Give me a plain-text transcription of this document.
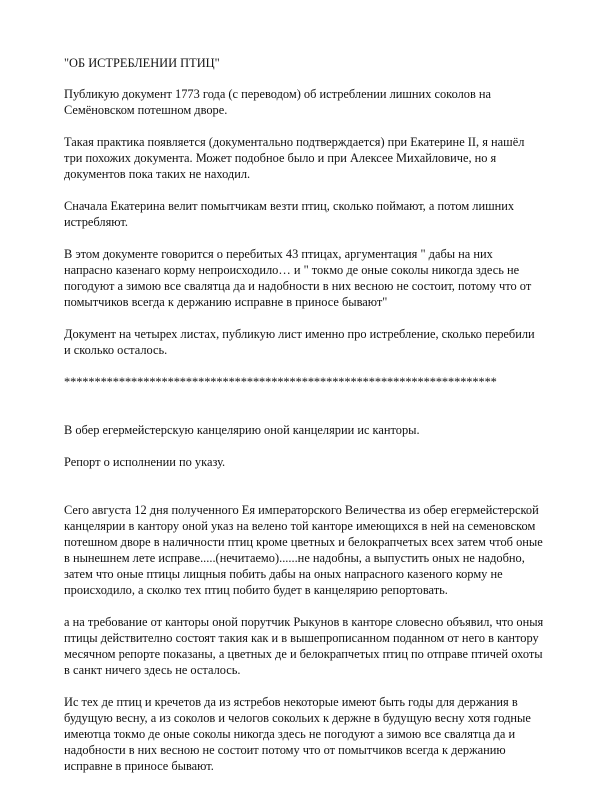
"ОБ ИСТРЕБЛЕНИИ ПТИЦ"

Публикую документ 1773 года (с переводом) об истреблении лишних соколов на Семёновском потешном дворе.

Такая практика появляется (документально подтверждается) при Екатерине II, я нашёл три похожих документа. Может подобное было и при Алексее Михайловиче, но я документов пока таких не находил.

Сначала Екатерина велит помытчикам везти птиц, сколько поймают, а потом лишних истребляют.

В этом документе говорится о перебитых 43 птицах, аргументация " дабы на них напрасно казенаго корму непроисходило… и " токмо де оные соколы никогда здесь не погодуют а зимою все свалятца да и надобности в них весною не состоит, потому что от помытчиков всегда к держанию исправне в приносе бывают"

Документ на четырех листах, публикую лист именно про истребление, сколько перебили и сколько осталось.

***********************************************************************

В обер егермейстерскую канцелярию оной канцелярии ис канторы.

Репорт о исполнении по указу.

Сего августа 12 дня полученного Ея императорского Величества из обер егермейстерской канцелярии в кантору оной указ на велено той канторе имеющихся в ней на семеновском потешном дворе в наличности птиц кроме цветных и белокрапчетых всех затем чтоб оные в нынешнем лете исправе.....(нечитаемо)......не надобны, а выпустить оных не надобно, затем что оные птицы лищныя побить дабы на оных напрасного казеного корму не происходило, а сколко тех птиц побито будет в канцелярию репортовать.

а на требование от канторы оной порутчик Рыкунов в канторе словесно объявил, что оныя птицы действително состоят такия как и в вышепрописанном поданном от него в кантору месячном репорте показаны, а цветных де и белокрапчетых птиц по отправе птичей охоты в санкт ничего здесь не осталось.

Ис тех де птиц и кречетов да из ястребов некоторые имеют быть годы для держания в будущую весну, а из соколов и челогов сокольих к держне в будущую весну хотя годные имеютца токмо де оные соколы никогда здесь не погодуют а зимою все свалятца да и надобности в них весною не состоит потому что от помытчиков всегда к держанию исправне в приносе бывают.
